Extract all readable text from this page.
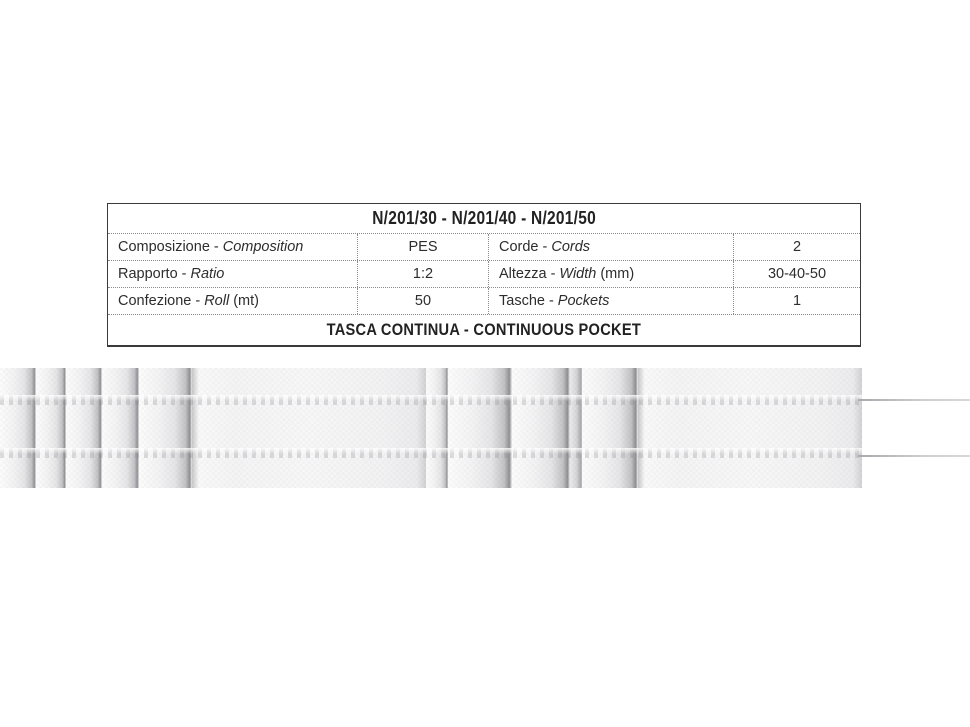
N/201/30 - N/201/40 - N/201/50
Composizione - Composition	PES	Corde - Cords	2
Rapporto - Ratio	1:2	Altezza - Width (mm)	30-40-50
Confezione - Roll (mt)	50	Tasche - Pockets	1
TASCA CONTINUA - CONTINUOUS POCKET
